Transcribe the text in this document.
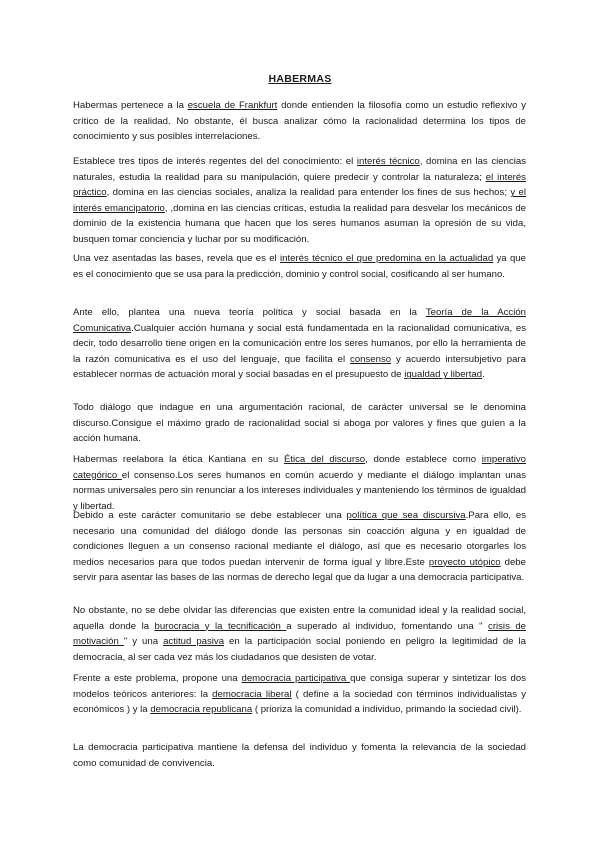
HABERMAS

Habermas pertenece a la escuela de Frankfurt donde entienden la filosofía como un estudio reflexivo y crítico de la realidad. No obstante, él busca analizar cómo la racionalidad determina los tipos de conocimiento y sus posibles interrelaciones.

Establece tres tipos de interés regentes del del conocimiento: el interés técnico, domina en las ciencias naturales, estudia la realidad para su manipulación, quiere predecir y controlar la naturaleza; el interés práctico, domina en las ciencias sociales, analiza la realidad para entender los fines de sus hechos; y el interés emancipatorio, ,domina en las ciencias críticas, estudia la realidad para desvelar los mecánicos de dominio de la existencia humana que hacen que los seres humanos asuman la opresión de su vida, busquen tomar conciencia y luchar por su modificación.

Una vez asentadas las bases, revela que es el interés técnico el que predomina en la actualidad ya que es el conocimiento que se usa para la predicción, dominio y control social, cosificando al ser humano.

Ante ello, plantea una nueva teoría política y social basada en la Teoría de la Acción Comunicativa.Cualquier acción humana y social está fundamentada en la racionalidad comunicativa, es decir, todo desarrollo tiene origen en la comunicación entre los seres humanos, por ello la herramienta de la razón comunicativa es el uso del lenguaje, que facilita el consenso y acuerdo intersubjetivo para establecer normas de actuación moral y social basadas en el presupuesto de igualdad y libertad.

Todo diálogo que indague en una argumentación racional, de carácter universal se le denomina discurso.Consigue el máximo grado de racionalidad social si aboga por valores y fines que guíen a la acción humana.

Habermas reelabora la ética Kantiana en su Ética del discurso, donde establece como imperativo categórico el consenso.Los seres humanos en común acuerdo y mediante el diálogo implantan unas normas universales pero sin renunciar a los intereses individuales y manteniendo los términos de igualdad y libertad.

Debido a este carácter comunitario se debe establecer una política que sea discursiva.Para ello, es necesario una comunidad del diálogo donde las personas sin coacción alguna y en igualdad de condiciones lleguen a un consenso racional mediante el diálogo, así que es necesario otorgarles los medios necesarios para que todos puedan intervenir de forma igual y libre.Este proyecto utópico debe servir para asentar las bases de las normas de derecho legal que da lugar a una democracia participativa.

No obstante, no se debe olvidar las diferencias que existen entre la comunidad ideal y la realidad social, aquella donde la burocracia y la tecnificación a superado al individuo, fomentando una " crisis de motivación " y una actitud pasiva en la participación social poniendo en peligro la legitimidad de la democracia, al ser cada vez más los ciudadanos que desisten de votar.

Frente a este problema, propone una democracia participativa que consiga superar y sintetizar los dos modelos teóricos anteriores: la democracia liberal ( define a la sociedad con términos individualistas y económicos ) y la democracia republicana ( prioriza la comunidad a individuo, primando la sociedad civil).

La democracia participativa mantiene la defensa del individuo y fomenta la relevancia de la sociedad como comunidad de convivencia.
